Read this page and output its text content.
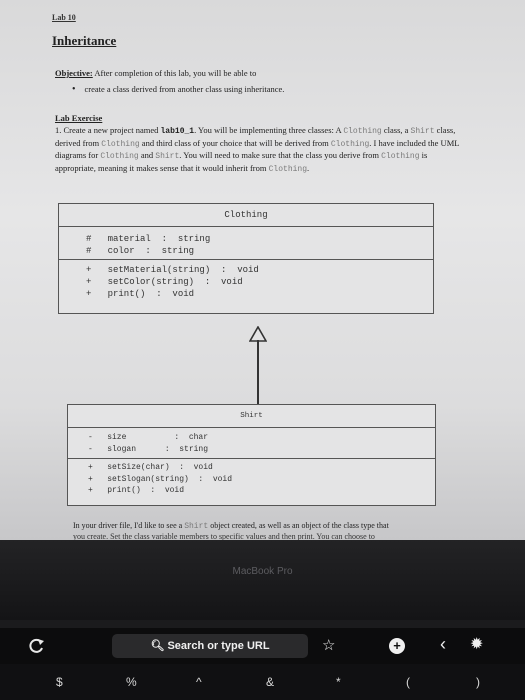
Lab 10
Inheritance
Objective: After completion of this lab, you will be able to
• create a class derived from another class using inheritance.
Lab Exercise
1. Create a new project named lab10_1. You will be implementing three classes: A Clothing class, a Shirt class, derived from Clothing and third class of your choice that will be derived from Clothing. I have included the UML diagrams for Clothing and Shirt. You will need to make sure that the class you derive from Clothing is appropriate, meaning it makes sense that it would inherit from Clothing.
Clothing
#   material  :  string
#   color  :  string
+   setMaterial(string)  :  void
+   setColor(string)  :  void
+   print()  :  void
Shirt
-   size          :  char
-   slogan      :  string
+   setSize(char)  :  void
+   setSlogan(string)  :  void
+   print()  :  void
In your driver file, I'd like to see a Shirt object created, as well as an object of the class type that
you create. Set the class variable members to specific values and then print. You can choose to
MacBook Pro
🔍︎ Search or type URL	☆	+ ‹ ✹
$	%	^	&	*	(	)
